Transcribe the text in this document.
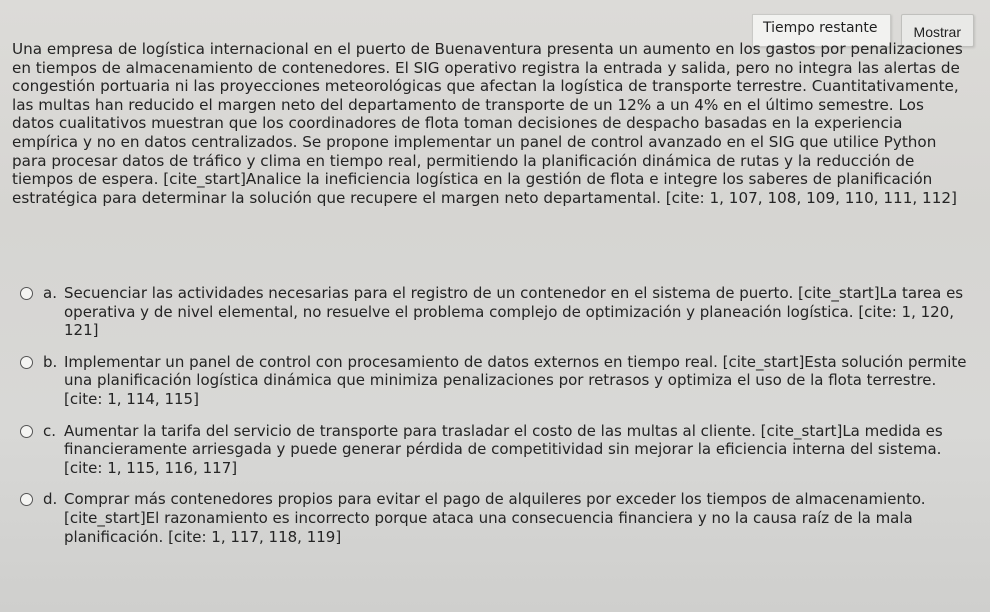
Tiempo restante	Mostrar

Una empresa de logística internacional en el puerto de Buenaventura presenta un aumento en los gastos por penalizaciones en tiempos de almacenamiento de contenedores. El SIG operativo registra la entrada y salida, pero no integra las alertas de congestión portuaria ni las proyecciones meteorológicas que afectan la logística de transporte terrestre. Cuantitativamente, las multas han reducido el margen neto del departamento de transporte de un 12% a un 4% en el último semestre. Los datos cualitativos muestran que los coordinadores de flota toman decisiones de despacho basadas en la experiencia empírica y no en datos centralizados. Se propone implementar un panel de control avanzado en el SIG que utilice Python para procesar datos de tráfico y clima en tiempo real, permitiendo la planificación dinámica de rutas y la reducción de tiempos de espera. [cite_start]Analice la ineficiencia logística en la gestión de flota e integre los saberes de planificación estratégica para determinar la solución que recupere el margen neto departamental. [cite: 1, 107, 108, 109, 110, 111, 112]

a. Secuenciar las actividades necesarias para el registro de un contenedor en el sistema de puerto. [cite_start]La tarea es operativa y de nivel elemental, no resuelve el problema complejo de optimización y planeación logística. [cite: 1, 120, 121]
b. Implementar un panel de control con procesamiento de datos externos en tiempo real. [cite_start]Esta solución permite una planificación logística dinámica que minimiza penalizaciones por retrasos y optimiza el uso de la flota terrestre. [cite: 1, 114, 115]
c. Aumentar la tarifa del servicio de transporte para trasladar el costo de las multas al cliente. [cite_start]La medida es financieramente arriesgada y puede generar pérdida de competitividad sin mejorar la eficiencia interna del sistema. [cite: 1, 115, 116, 117]
d. Comprar más contenedores propios para evitar el pago de alquileres por exceder los tiempos de almacenamiento. [cite_start]El razonamiento es incorrecto porque ataca una consecuencia financiera y no la causa raíz de la mala planificación. [cite: 1, 117, 118, 119]
